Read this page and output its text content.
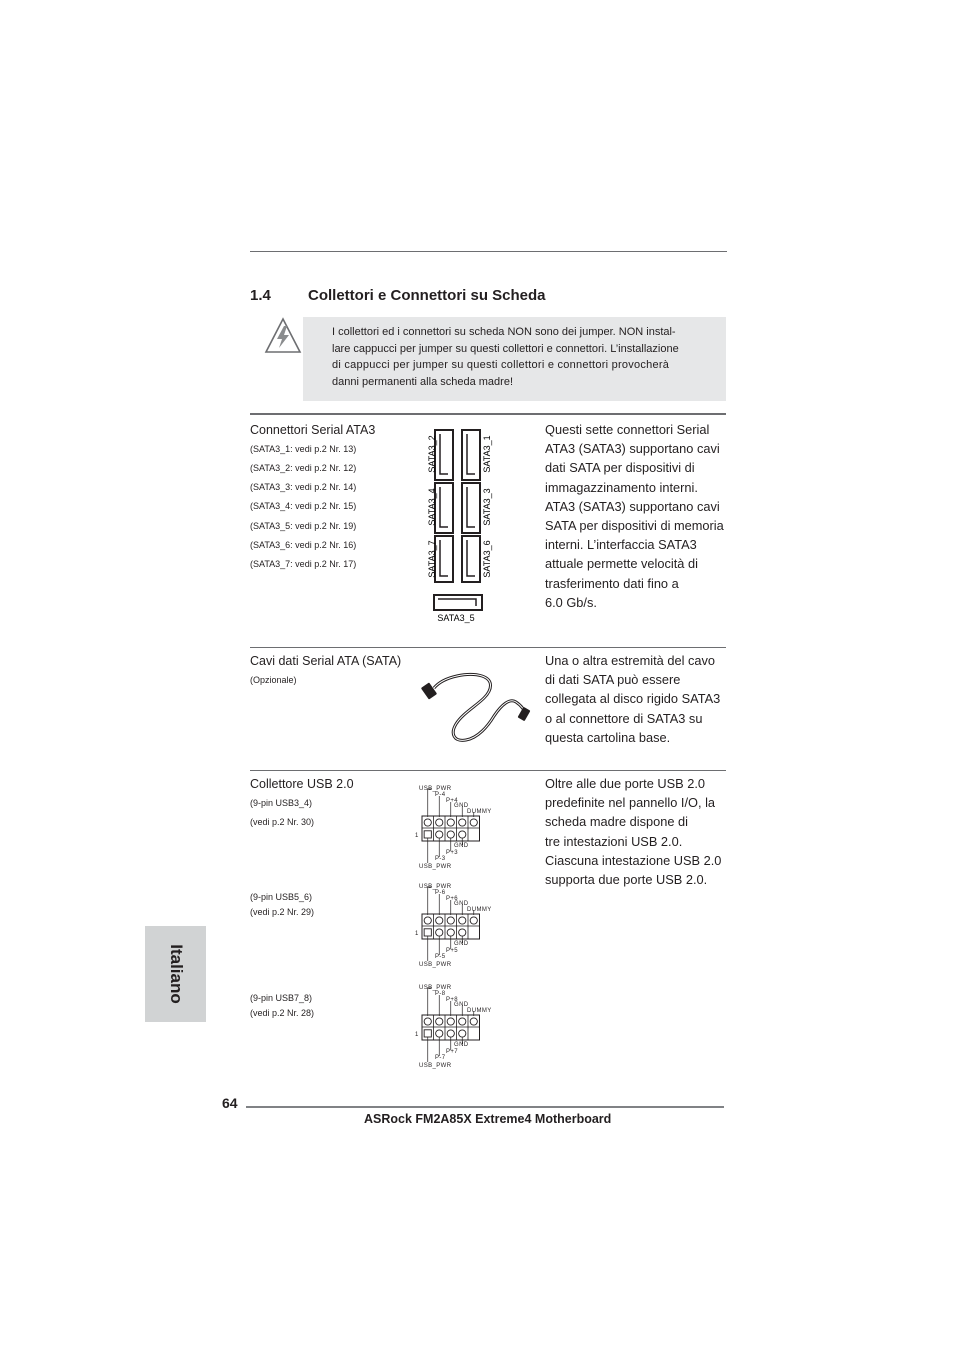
1.4 Collettori e Connettori su Scheda
I collettori ed i connettori su scheda NON sono dei jumper. NON instal-
lare cappucci per jumper su questi collettori e connettori. L’installazione
di cappucci per jumper su questi collettori e connettori provocherà
danni permanenti alla scheda madre!
Connettori Serial ATA3
(SATA3_1: vedi p.2 Nr. 13)
(SATA3_2: vedi p.2 Nr. 12)
(SATA3_3: vedi p.2 Nr. 14)
(SATA3_4: vedi p.2 Nr. 15)
(SATA3_5: vedi p.2 Nr. 19)
(SATA3_6: vedi p.2 Nr. 16)
(SATA3_7: vedi p.2 Nr. 17)
SATA3_2	SATA3_1
SATA3_4	SATA3_3
SATA3_7	SATA3_6
SATA3_5
Questi sette connettori Serial
ATA3 (SATA3) supportano cavi
dati SATA per dispositivi di
immagazzinamento interni.
ATA3 (SATA3) supportano cavi
SATA per dispositivi di memoria
interni. L’interfaccia SATA3
attuale permette velocità di
trasferimento dati fino a
6.0 Gb/s.
Cavi dati Serial ATA (SATA)
(Opzionale)
Una o altra estremità del cavo
di dati SATA può essere
collegata al disco rigido SATA3
o al connettore di SATA3 su
questa cartolina base.
Collettore USB 2.0
(9-pin USB3_4)
(vedi p.2 Nr. 30)
(9-pin USB5_6)
(vedi p.2 Nr. 29)
(9-pin USB7_8)
(vedi p.2 Nr. 28)
USB_PWR
P-4
P+4
GND
DUMMY
1
GND
P+3
P-3
USB_PWR
USB_PWR
P-6
P+6
GND
DUMMY
1
GND
P+5
P-5
USB_PWR
USB_PWR
P-8
P+8
GND
DUMMY
1
GND
P+7
P-7
USB_PWR
Oltre alle due porte USB 2.0
predefinite nel pannello I/O, la
scheda madre dispone di
tre intestazioni USB 2.0.
Ciascuna intestazione USB 2.0
supporta due porte USB 2.0.
Italiano
64
ASRock FM2A85X Extreme4 Motherboard
